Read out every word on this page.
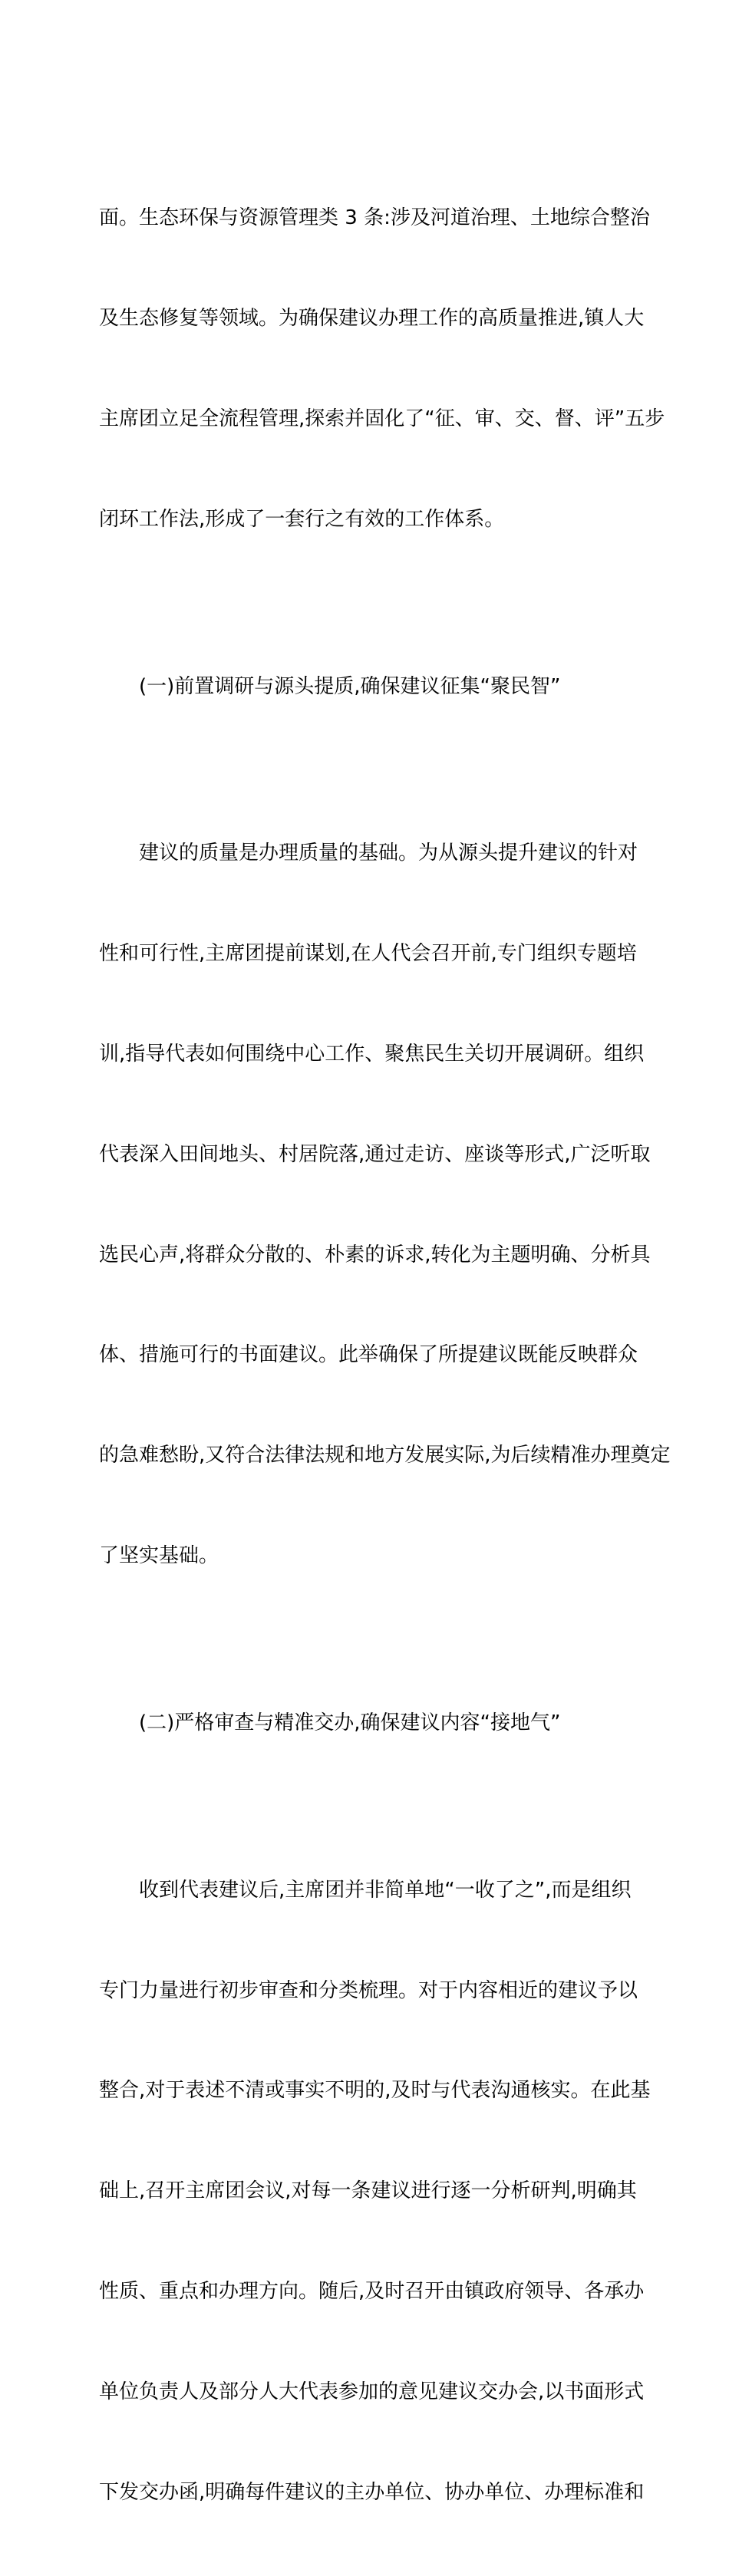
面。生态环保与资源管理类 3 条:涉及河道治理、土地综合整治

及生态修复等领域。为确保建议办理工作的高质量推进,镇人大

主席团立足全流程管理,探索并固化了“征、审、交、督、评”五步

闭环工作法,形成了一套行之有效的工作体系。

(一)前置调研与源头提质,确保建议征集“聚民智”

建议的质量是办理质量的基础。为从源头提升建议的针对

性和可行性,主席团提前谋划,在人代会召开前,专门组织专题培

训,指导代表如何围绕中心工作、聚焦民生关切开展调研。组织

代表深入田间地头、村居院落,通过走访、座谈等形式,广泛听取

选民心声,将群众分散的、朴素的诉求,转化为主题明确、分析具

体、措施可行的书面建议。此举确保了所提建议既能反映群众

的急难愁盼,又符合法律法规和地方发展实际,为后续精准办理奠定

了坚实基础。

(二)严格审查与精准交办,确保建议内容“接地气”

收到代表建议后,主席团并非简单地“一收了之”,而是组织

专门力量进行初步审查和分类梳理。对于内容相近的建议予以

整合,对于表述不清或事实不明的,及时与代表沟通核实。在此基

础上,召开主席团会议,对每一条建议进行逐一分析研判,明确其

性质、重点和办理方向。随后,及时召开由镇政府领导、各承办

单位负责人及部分人大代表参加的意见建议交办会,以书面形式

下发交办函,明确每件建议的主办单位、协办单位、办理标准和
